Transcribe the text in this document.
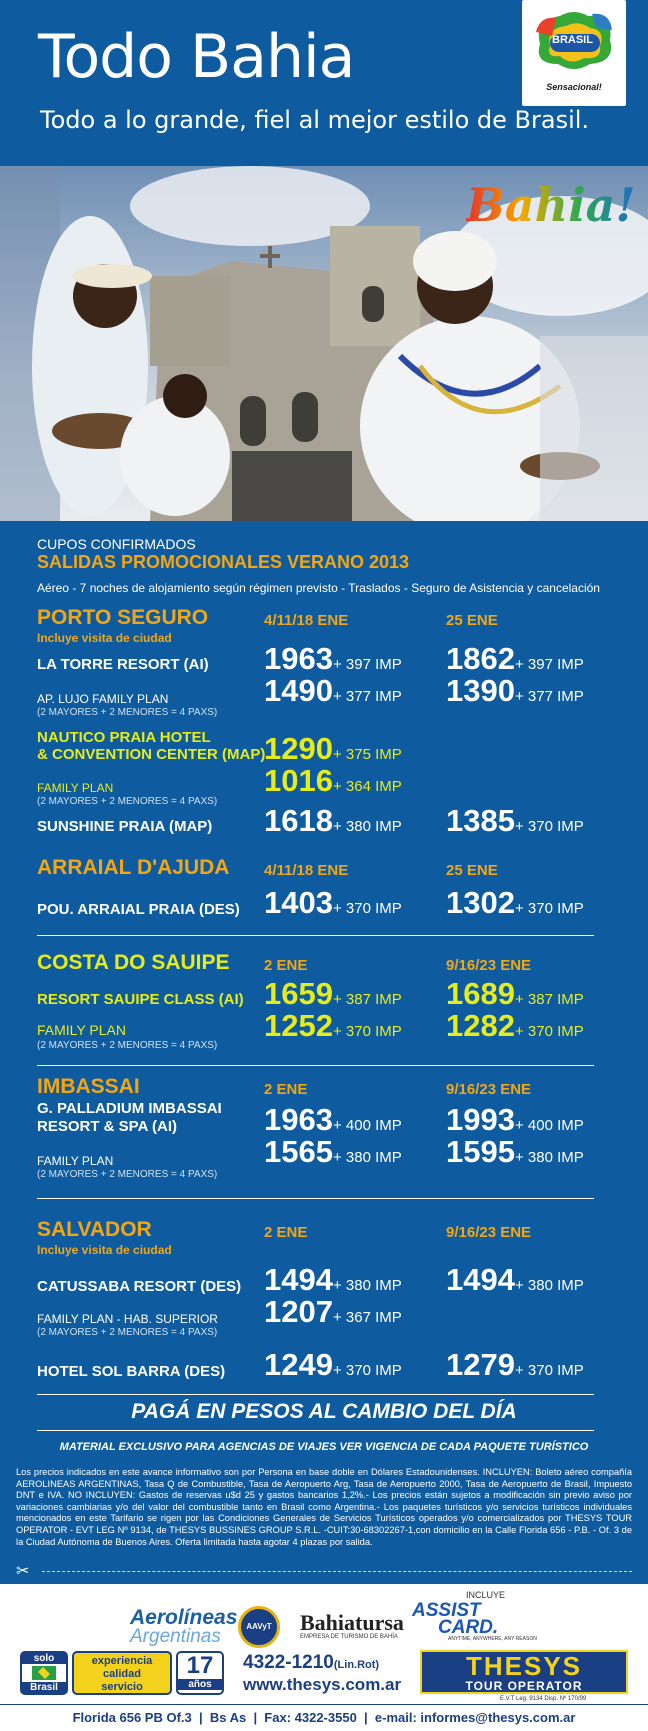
Todo Bahia
Todo a lo grande, fiel al mejor estilo de Brasil.
BRASIL
Sensacional!
Bahia!
CUPOS CONFIRMADOS
SALIDAS PROMOCIONALES VERANO 2013
Aéreo - 7 noches de alojamiento según régimen previsto - Traslados - Seguro de Asistencia y cancelación
PORTO SEGURO
Incluye visita de ciudad
4/11/18 ENE	25 ENE
LA TORRE RESORT (AI) 1963+ 397 IMP 1862+ 397 IMP
AP. LUJO FAMILY PLAN
(2 MAYORES + 2 MENORES = 4 PAXS)
1490+ 377 IMP 1390+ 377 IMP
NAUTICO PRAIA HOTEL
& CONVENTION CENTER (MAP)
1290+ 375 IMP
FAMILY PLAN
(2 MAYORES + 2 MENORES = 4 PAXS)
1016+ 364 IMP
SUNSHINE PRAIA (MAP) 1618+ 380 IMP 1385+ 370 IMP
ARRAIAL D'AJUDA 4/11/18 ENE	25 ENE
POU. ARRAIAL PRAIA (DES) 1403+ 370 IMP 1302+ 370 IMP
COSTA DO SAUIPE 2 ENE	9/16/23 ENE
RESORT SAUIPE CLASS (AI) 1659+ 387 IMP 1689+ 387 IMP
FAMILY PLAN
(2 MAYORES + 2 MENORES = 4 PAXS)
1252+ 370 IMP 1282+ 370 IMP
IMBASSAI	2 ENE	9/16/23 ENE
G. PALLADIUM IMBASSAI
RESORT & SPA (AI)	1963+ 400 IMP 1993+ 400 IMP
FAMILY PLAN
(2 MAYORES + 2 MENORES = 4 PAXS)
1565+ 380 IMP 1595+ 380 IMP
SALVADOR
Incluye visita de ciudad
2 ENE	9/16/23 ENE
CATUSSABA RESORT (DES) 1494+ 380 IMP 1494+ 380 IMP
FAMILY PLAN - HAB. SUPERIOR
(2 MAYORES + 2 MENORES = 4 PAXS)
1207+ 367 IMP
HOTEL SOL BARRA (DES) 1249+ 370 IMP 1279+ 370 IMP
PAGÁ EN PESOS AL CAMBIO DEL DÍA
MATERIAL EXCLUSIVO PARA AGENCIAS DE VIAJES VER VIGENCIA DE CADA PAQUETE TURÍSTICO
Los precios indicados en este avance informativo son por Persona en base doble en Dólares Estadounidenses. INCLUYEN: Boleto aéreo compañía AEROLINEAS ARGENTINAS, Tasa Q de Combustible, Tasa de Aeropuerto Arg, Tasa de Aeropuerto 2000, Tasa de Aeropuerto de Brasil, Impuesto DNT e IVA. NO INCLUYEN: Gastos de reservas u$d 25 y gastos bancarios 1,2%.- Los precios están sujetos a modificación sin previo aviso por variaciones cambiarias y/o del valor del combustible tanto en Brasil como Argentina.- Los paquetes turísticos y/o servicios turísticos individuales mencionados en este Tarifario se rigen por las Condiciones Generales de Servicios Turísticos operados y/o comercializados por THESYS TOUR OPERATOR - EVT LEG Nº 9134, de THESYS BUSSINES GROUP S.R.L. -CUIT:30-68302267-1,con domicilio en la Calle Florida 656 - P.B. - Of. 3 de la Ciudad Autónoma de Buenos Aires. Oferta limitada hasta agotar 4 plazas por salida.
✂
Aerolíneas
Argentinas	AAVyT Bahiatursa
EMPRESA DE TURISMO DE BAHÍA
INCLUYE
ASSIST
CARD.
ANYTIME, ANYWHERE, ANY REASON
solo
Brasil
experiencia
calidad
servicio
17
años
4322-1210(Lin.Rot)
www.thesys.com.ar
THESYS
TOUR OPERATOR
E.V.T Leg. 9134 Disp. Nº 170/99
Florida 656 PB Of.3  |  Bs As  |  Fax: 4322-3550  |  e-mail: informes@thesys.com.ar
